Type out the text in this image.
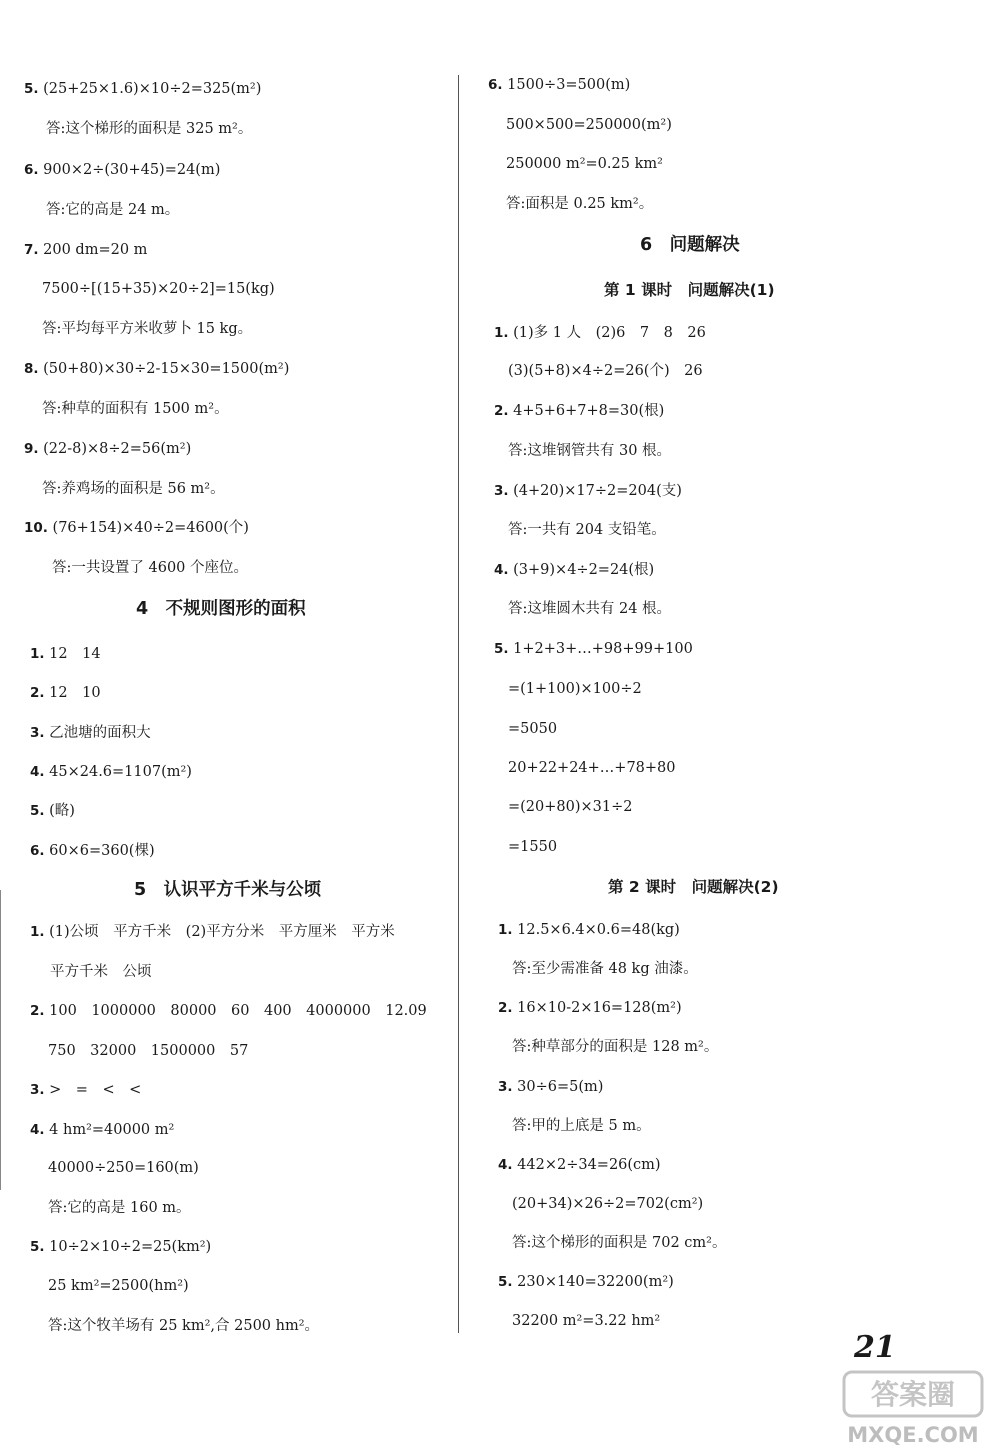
5. (25+25×1.6)×10÷2=325(m²)
答:这个梯形的面积是 325 m²。
6. 900×2÷(30+45)=24(m)
答:它的高是 24 m。
7. 200 dm=20 m
7500÷[(15+35)×20÷2]=15(kg)
答:平均每平方米收萝卜 15 kg。
8. (50+80)×30÷2-15×30=1500(m²)
答:种草的面积有 1500 m²。
9. (22-8)×8÷2=56(m²)
答:养鸡场的面积是 56 m²。
10. (76+154)×40÷2=4600(个)
答:一共设置了 4600 个座位。
4　不规则图形的面积
1. 12　14
2. 12　10
3. 乙池塘的面积大
4. 45×24.6=1107(m²)
5. (略)
6. 60×6=360(棵)
5　认识平方千米与公顷
1. (1)公顷　平方千米　(2)平方分米　平方厘米　平方米
平方千米　公顷
2. 100　1000000　80000　60　400　4000000　12.09
750　32000　1500000　57
3. >　=　<　<
4. 4 hm²=40000 m²
40000÷250=160(m)
答:它的高是 160 m。
5. 10÷2×10÷2=25(km²)
25 km²=2500(hm²)
答:这个牧羊场有 25 km²,合 2500 hm²。
6. 1500÷3=500(m)
500×500=250000(m²)
250000 m²=0.25 km²
答:面积是 0.25 km²。
6　问题解决
第 1 课时　问题解决(1)
1. (1)多 1 人　(2)6　7　8　26
(3)(5+8)×4÷2=26(个)　26
2. 4+5+6+7+8=30(根)
答:这堆钢管共有 30 根。
3. (4+20)×17÷2=204(支)
答:一共有 204 支铅笔。
4. (3+9)×4÷2=24(根)
答:这堆圆木共有 24 根。
5. 1+2+3+…+98+99+100
=(1+100)×100÷2
=5050
20+22+24+…+78+80
=(20+80)×31÷2
=1550
第 2 课时　问题解决(2)
1. 12.5×6.4×0.6=48(kg)
答:至少需准备 48 kg 油漆。
2. 16×10-2×16=128(m²)
答:种草部分的面积是 128 m²。
3. 30÷6=5(m)
答:甲的上底是 5 m。
4. 442×2÷34=26(cm)
(20+34)×26÷2=702(cm²)
答:这个梯形的面积是 702 cm²。
5. 230×140=32200(m²)
32200 m²=3.22 hm²
21
答案圈
MXQE.COM
